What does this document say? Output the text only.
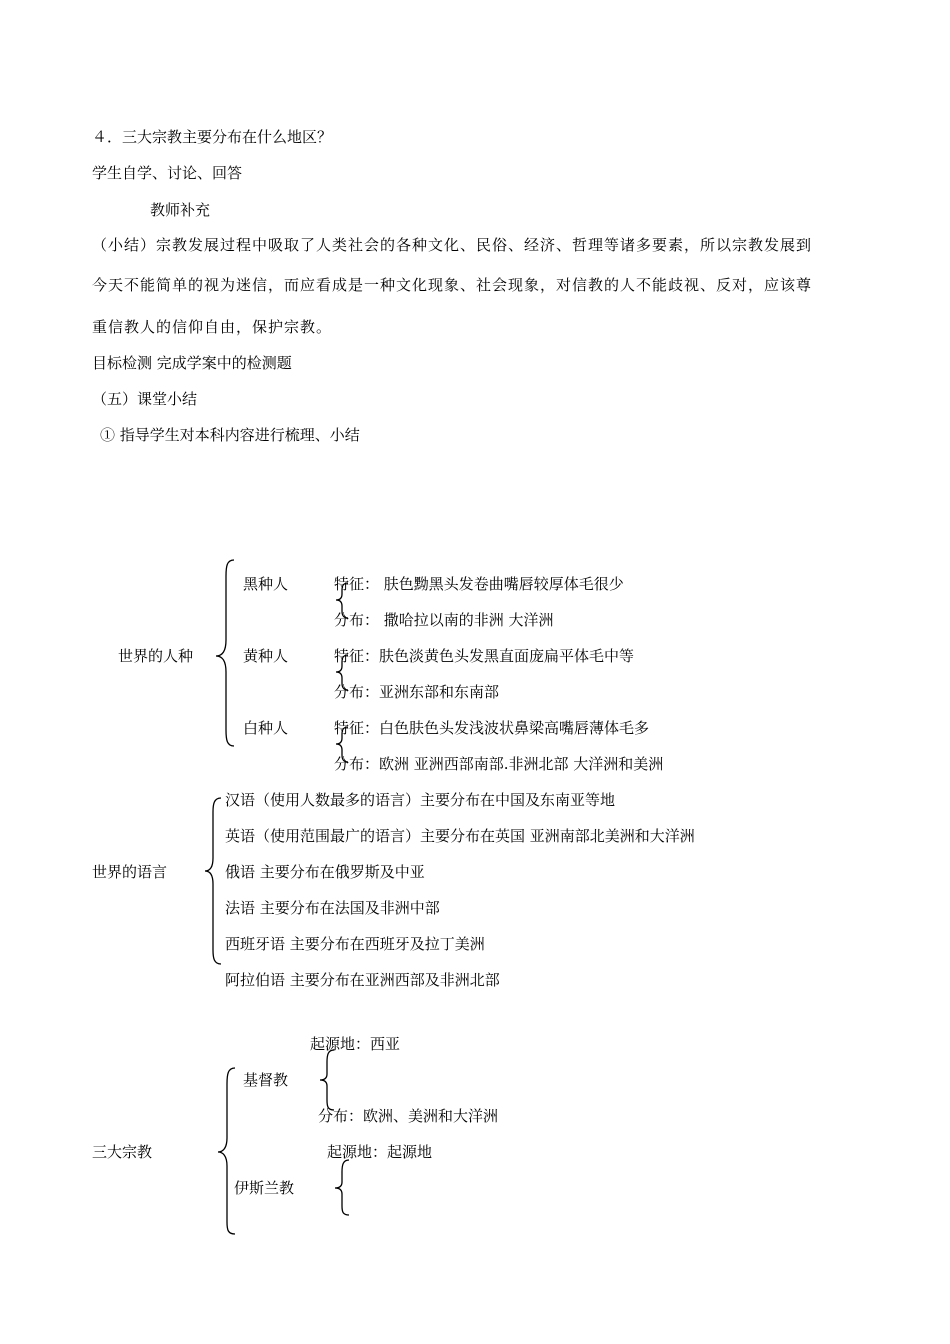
４．三大宗教主要分布在什么地区？
学生自学、讨论、回答
教师补充
（小结）宗教发展过程中吸取了人类社会的各种文化、民俗、经济、哲理等诸多要素，所以宗教发展到
今天不能简单的视为迷信，而应看成是一种文化现象、社会现象，对信教的人不能歧视、反对，应该尊
重信教人的信仰自由，保护宗教。
目标检测 完成学案中的检测题
（五）课堂小结
① 指导学生对本科内容进行梳理、小结
世界的人种
黑种人	特征： 肤色黝黑头发卷曲嘴唇较厚体毛很少
分布： 撒哈拉以南的非洲 大洋洲
黄种人	特征：肤色淡黄色头发黑直面庞扁平体毛中等
分布：亚洲东部和东南部
白种人	特征：白色肤色头发浅波状鼻梁高嘴唇薄体毛多
分布：欧洲 亚洲西部南部.非洲北部 大洋洲和美洲
世界的语言
汉语（使用人数最多的语言）主要分布在中国及东南亚等地
英语（使用范围最广的语言）主要分布在英国 亚洲南部北美洲和大洋洲
俄语 主要分布在俄罗斯及中亚
法语 主要分布在法国及非洲中部
西班牙语 主要分布在西班牙及拉丁美洲
阿拉伯语 主要分布在亚洲西部及非洲北部
三大宗教
起源地：西亚
基督教
分布：欧洲、美洲和大洋洲
起源地：起源地
伊斯兰教
